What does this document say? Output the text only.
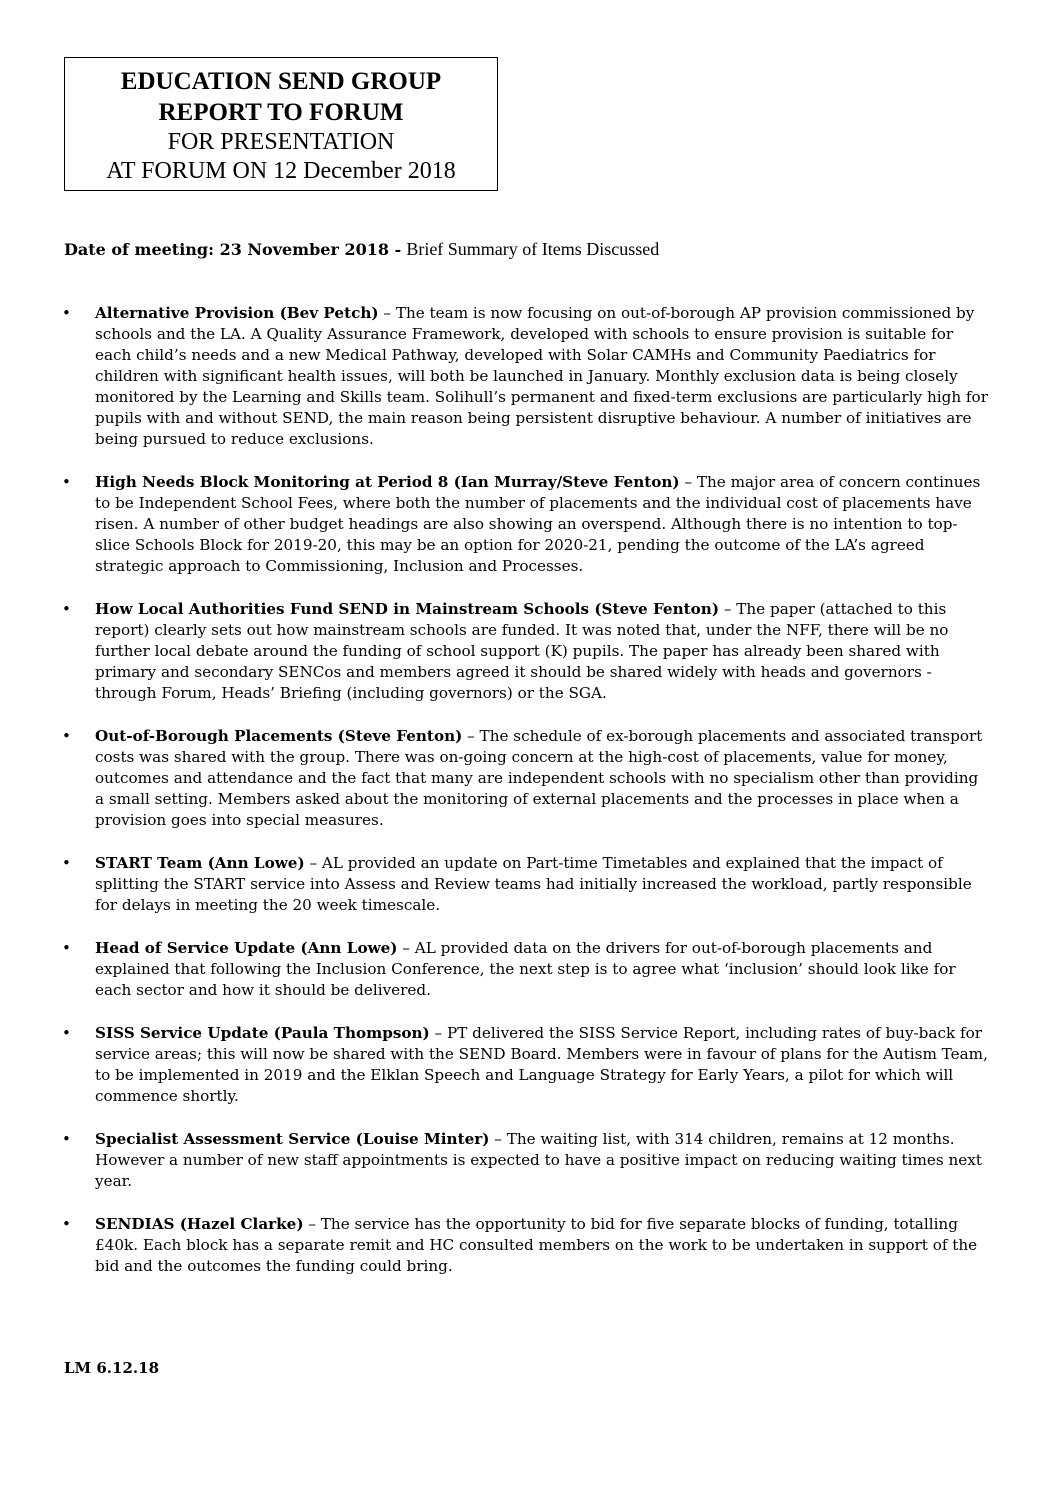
EDUCATION SEND GROUP
REPORT TO FORUM
FOR PRESENTATION
AT FORUM ON 12 December 2018
Date of meeting: 23 November 2018 - Brief Summary of Items Discussed
• Alternative Provision (Bev Petch) – The team is now focusing on out-of-borough AP provision commissioned by schools and the LA. A Quality Assurance Framework, developed with schools to ensure provision is suitable for each child’s needs and a new Medical Pathway, developed with Solar CAMHs and Community Paediatrics for children with significant health issues, will both be launched in January. Monthly exclusion data is being closely monitored by the Learning and Skills team. Solihull’s permanent and fixed-term exclusions are particularly high for pupils with and without SEND, the main reason being persistent disruptive behaviour. A number of initiatives are being pursued to reduce exclusions.
• High Needs Block Monitoring at Period 8 (Ian Murray/Steve Fenton) – The major area of concern continues to be Independent School Fees, where both the number of placements and the individual cost of placements have risen. A number of other budget headings are also showing an overspend. Although there is no intention to top-slice Schools Block for 2019-20, this may be an option for 2020-21, pending the outcome of the LA’s agreed strategic approach to Commissioning, Inclusion and Processes.
• How Local Authorities Fund SEND in Mainstream Schools (Steve Fenton) – The paper (attached to this report) clearly sets out how mainstream schools are funded. It was noted that, under the NFF, there will be no further local debate around the funding of school support (K) pupils. The paper has already been shared with primary and secondary SENCos and members agreed it should be shared widely with heads and governors - through Forum, Heads’ Briefing (including governors) or the SGA.
• Out-of-Borough Placements (Steve Fenton) – The schedule of ex-borough placements and associated transport costs was shared with the group. There was on-going concern at the high-cost of placements, value for money, outcomes and attendance and the fact that many are independent schools with no specialism other than providing a small setting. Members asked about the monitoring of external placements and the processes in place when a provision goes into special measures.
• START Team (Ann Lowe) – AL provided an update on Part-time Timetables and explained that the impact of splitting the START service into Assess and Review teams had initially increased the workload, partly responsible for delays in meeting the 20 week timescale.
• Head of Service Update (Ann Lowe) – AL provided data on the drivers for out-of-borough placements and explained that following the Inclusion Conference, the next step is to agree what ‘inclusion’ should look like for each sector and how it should be delivered.
• SISS Service Update (Paula Thompson) – PT delivered the SISS Service Report, including rates of buy-back for service areas; this will now be shared with the SEND Board. Members were in favour of plans for the Autism Team, to be implemented in 2019 and the Elklan Speech and Language Strategy for Early Years, a pilot for which will commence shortly.
• Specialist Assessment Service (Louise Minter) – The waiting list, with 314 children, remains at 12 months. However a number of new staff appointments is expected to have a positive impact on reducing waiting times next year.
• SENDIAS (Hazel Clarke) – The service has the opportunity to bid for five separate blocks of funding, totalling £40k. Each block has a separate remit and HC consulted members on the work to be undertaken in support of the bid and the outcomes the funding could bring.
LM 6.12.18
